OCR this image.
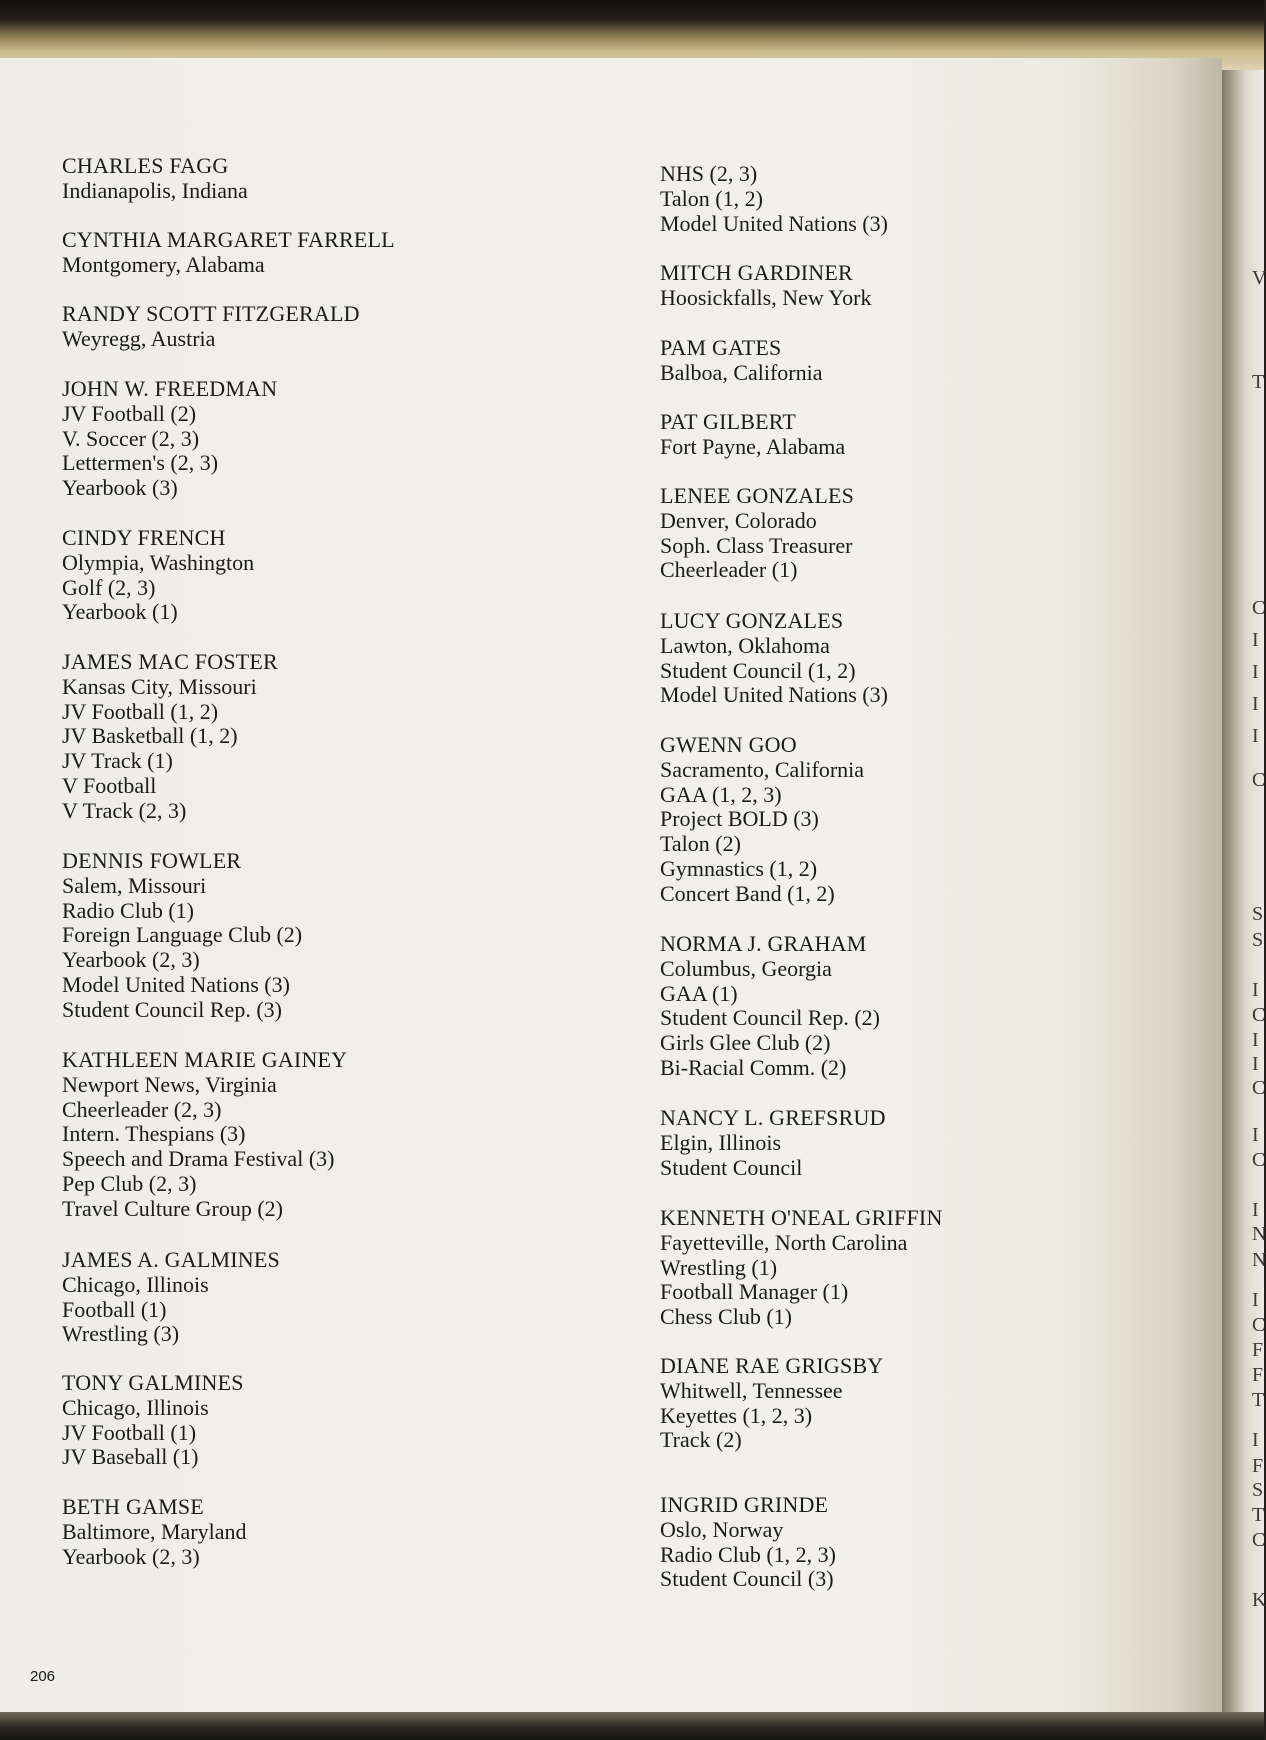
V
T
C
I
I
I
I
C
S
S
I
C
I
I
C
I
C
I
N
N
I
C
F
F
T
I
F
S
T
C
K
CHARLES FAGG
Indianapolis, Indiana
CYNTHIA MARGARET FARRELL
Montgomery, Alabama
RANDY SCOTT FITZGERALD
Weyregg, Austria
JOHN W. FREEDMAN
JV Football (2)
V. Soccer (2, 3)
Lettermen's (2, 3)
Yearbook (3)
CINDY FRENCH
Olympia, Washington
Golf (2, 3)
Yearbook (1)
JAMES MAC FOSTER
Kansas City, Missouri
JV Football (1, 2)
JV Basketball (1, 2)
JV Track (1)
V Football
V Track (2, 3)
DENNIS FOWLER
Salem, Missouri
Radio Club (1)
Foreign Language Club (2)
Yearbook (2, 3)
Model United Nations (3)
Student Council Rep. (3)
KATHLEEN MARIE GAINEY
Newport News, Virginia
Cheerleader (2, 3)
Intern. Thespians (3)
Speech and Drama Festival (3)
Pep Club (2, 3)
Travel Culture Group (2)
JAMES A. GALMINES
Chicago, Illinois
Football (1)
Wrestling (3)
TONY GALMINES
Chicago, Illinois
JV Football (1)
JV Baseball (1)
BETH GAMSE
Baltimore, Maryland
Yearbook (2, 3)
NHS (2, 3)
Talon (1, 2)
Model United Nations (3)
MITCH GARDINER
Hoosickfalls, New York
PAM GATES
Balboa, California
PAT GILBERT
Fort Payne, Alabama
LENEE GONZALES
Denver, Colorado
Soph. Class Treasurer
Cheerleader (1)
LUCY GONZALES
Lawton, Oklahoma
Student Council (1, 2)
Model United Nations (3)
GWENN GOO
Sacramento, California
GAA (1, 2, 3)
Project BOLD (3)
Talon (2)
Gymnastics (1, 2)
Concert Band (1, 2)
NORMA J. GRAHAM
Columbus, Georgia
GAA (1)
Student Council Rep. (2)
Girls Glee Club (2)
Bi-Racial Comm. (2)
NANCY L. GREFSRUD
Elgin, Illinois
Student Council
KENNETH O'NEAL GRIFFIN
Fayetteville, North Carolina
Wrestling (1)
Football Manager (1)
Chess Club (1)
DIANE RAE GRIGSBY
Whitwell, Tennessee
Keyettes (1, 2, 3)
Track (2)
INGRID GRINDE
Oslo, Norway
Radio Club (1, 2, 3)
Student Council (3)
206
